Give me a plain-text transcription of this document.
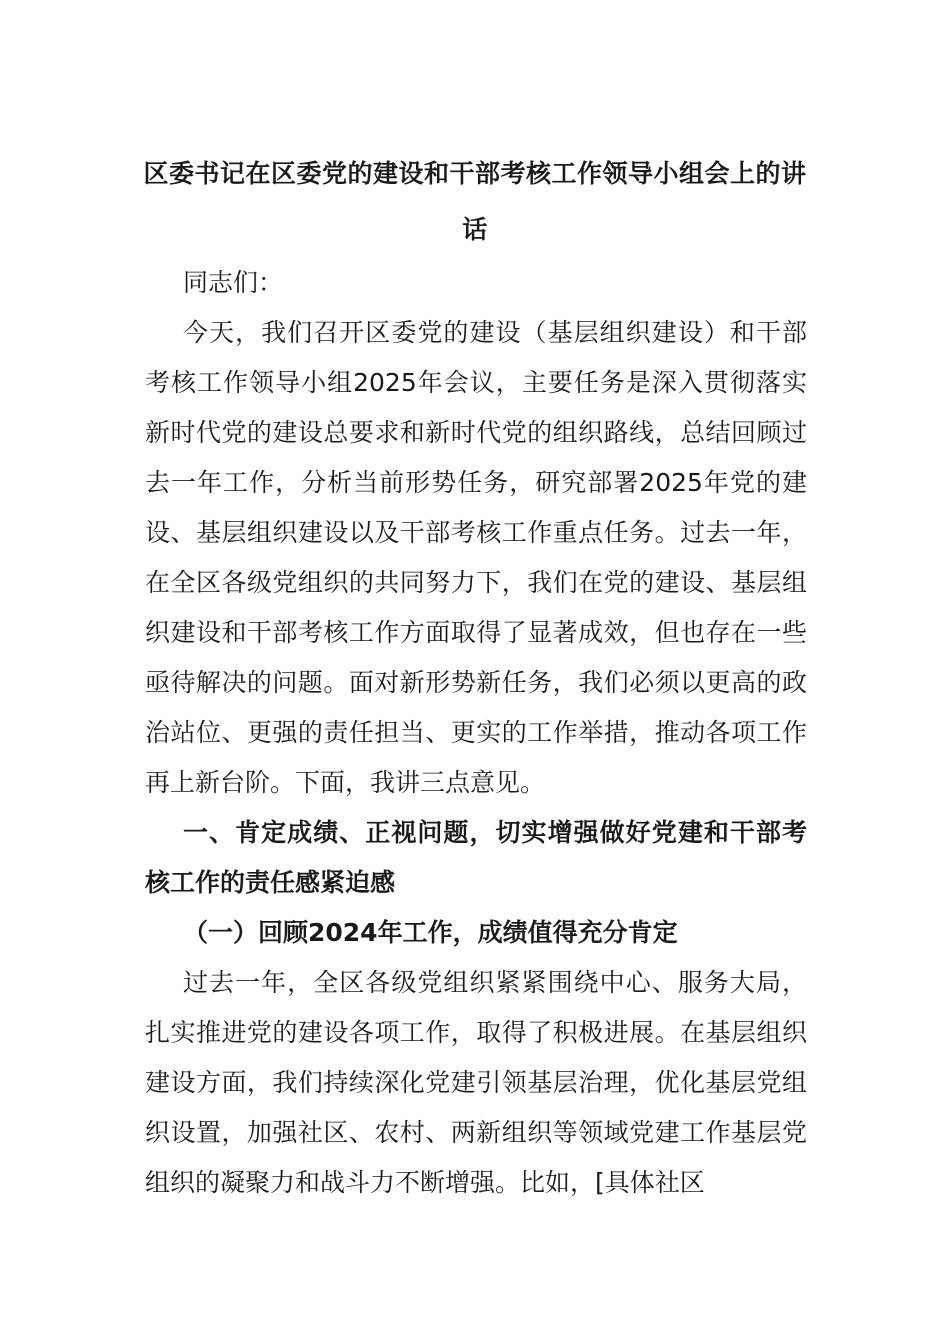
区委书记在区委党的建设和干部考核工作领导小组会上的讲话

同志们：

今天，我们召开区委党的建设（基层组织建设）和干部考核工作领导小组2025年会议，主要任务是深入贯彻落实新时代党的建设总要求和新时代党的组织路线，总结回顾过去一年工作，分析当前形势任务，研究部署2025年党的建设、基层组织建设以及干部考核工作重点任务。过去一年，在全区各级党组织的共同努力下，我们在党的建设、基层组织建设和干部考核工作方面取得了显著成效，但也存在一些亟待解决的问题。面对新形势新任务，我们必须以更高的政治站位、更强的责任担当、更实的工作举措，推动各项工作再上新台阶。下面，我讲三点意见。

一、肯定成绩、正视问题，切实增强做好党建和干部考核工作的责任感紧迫感

（一）回顾2024年工作，成绩值得充分肯定

过去一年，全区各级党组织紧紧围绕中心、服务大局，扎实推进党的建设各项工作，取得了积极进展。在基层组织建设方面，我们持续深化党建引领基层治理，优化基层党组织设置，加强社区、农村、两新组织等领域党建工作基层党组织的凝聚力和战斗力不断增强。比如，[具体社区
